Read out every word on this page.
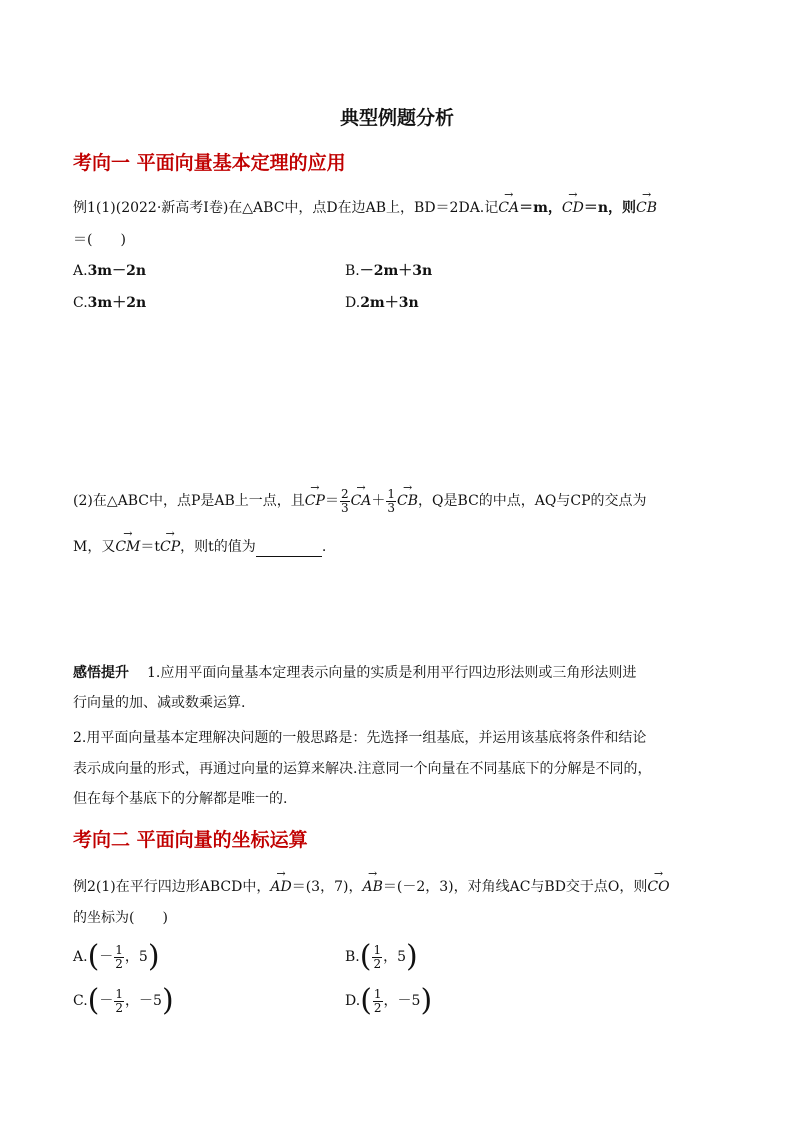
典型例题分析
考向一 平面向量基本定理的应用
例1(1)(2022·新高考Ⅰ卷)在△ABC中，点D在边AB上，BD＝2DA.记→ CA＝m，→ CD＝n，则→ CB
＝(　　)
A.3m－2n	B.－2m＋3n
C.3m＋2n	D.2m＋3n
(2)在△ABC中，点P是AB上一点，且→ $CP= \frac{2}{3}$
→ $CA+ \frac{1}{3}$
→ CB，Q是BC的中点，AQ与CP的交点为
M，又→ CM＝t→ CP，则t的值为	.
感悟提升 1.应用平面向量基本定理表示向量的实质是利用平行四边形法则或三角形法则进
行向量的加、减或数乘运算.
2.用平面向量基本定理解决问题的一般思路是：先选择一组基底，并运用该基底将条件和结论
表示成向量的形式，再通过向量的运算来解决.注意同一个向量在不同基底下的分解是不同的，
但在每个基底下的分解都是唯一的.
考向二 平面向量的坐标运算
例2(1)在平行四边形ABCD中，→ AD＝(3，7)，→ AB＝(－2，3)，对角线AC与BD交于点O，则→ CO
的坐标为(　　)
$A.(- \frac{1}{2}$ ，5)	$B.( \frac{1}{2}$ ，5)
$C.(- \frac{1}{2}$ ，－5)	$D.( \frac{1}{2}$ ，－5)
